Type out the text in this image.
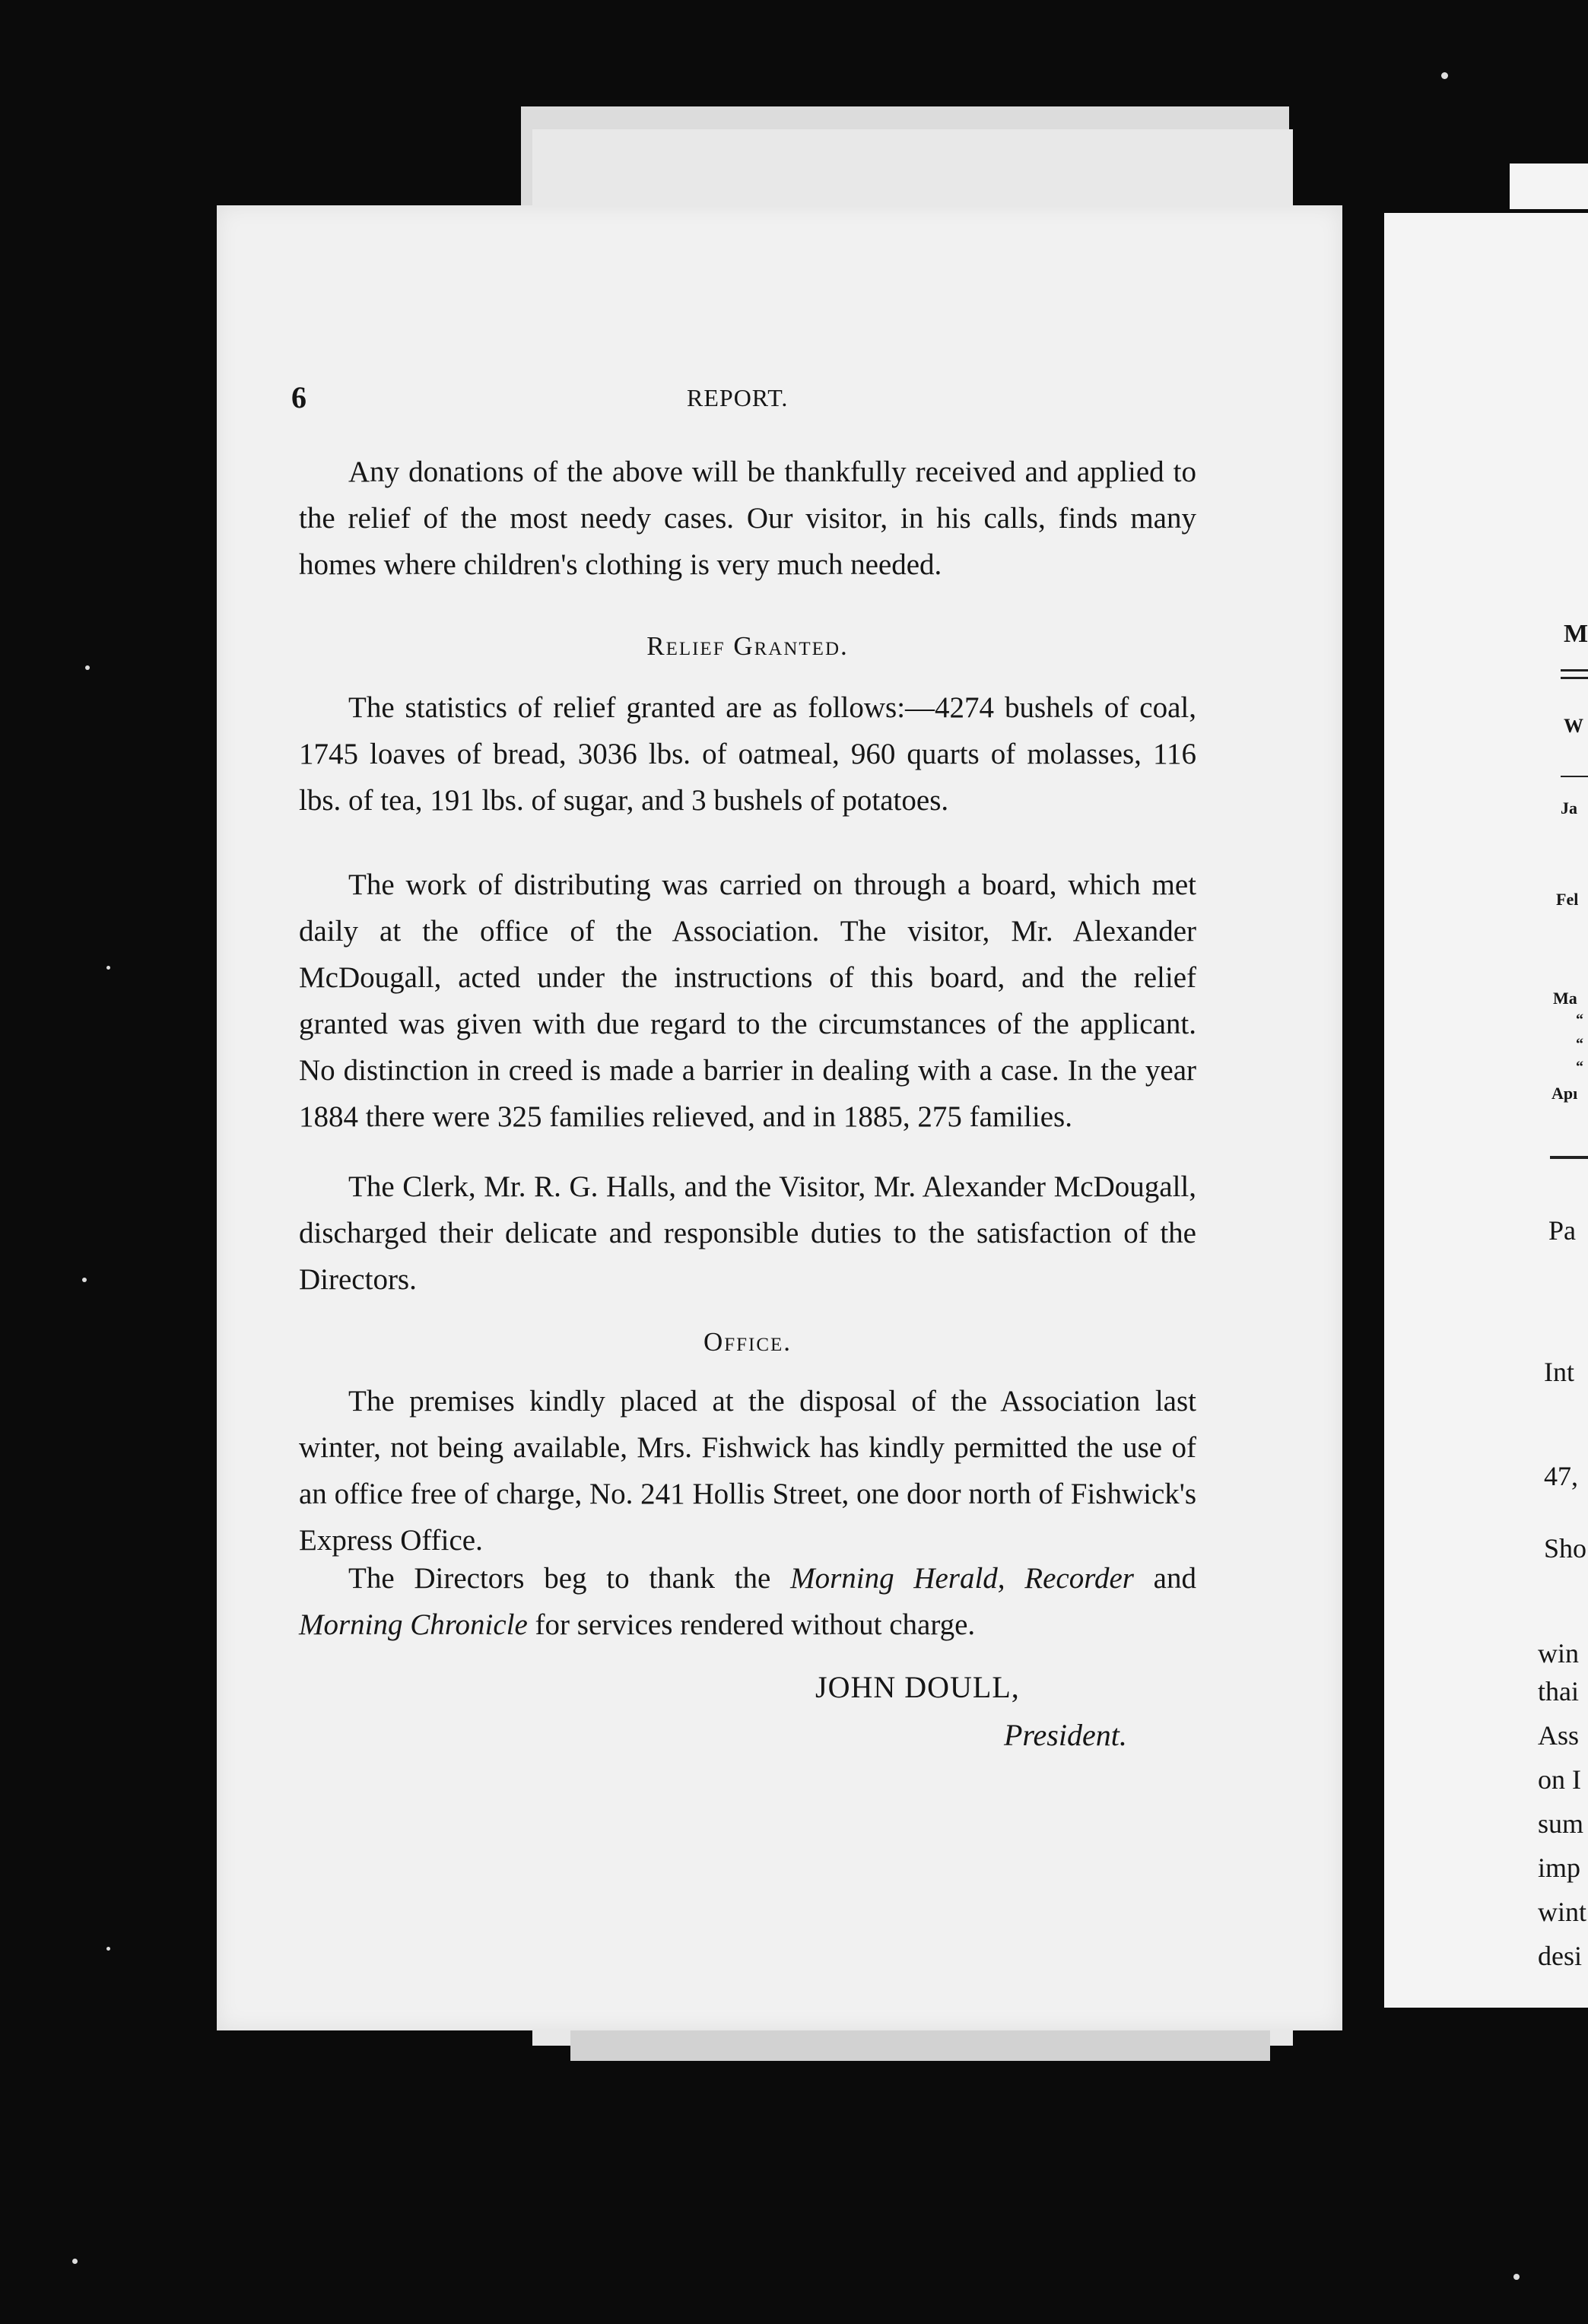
6	REPORT.

Any donations of the above will be thankfully received and applied to the relief of the most needy cases. Our visitor, in his calls, finds many homes where children's clothing is very much needed.

Relief Granted.

The statistics of relief granted are as follows:—4274 bushels of coal, 1745 loaves of bread, 3036 lbs. of oatmeal, 960 quarts of molasses, 116 lbs. of tea, 191 lbs. of sugar, and 3 bushels of potatoes.

The work of distributing was carried on through a board, which met daily at the office of the Association. The visitor, Mr. Alexander McDougall, acted under the instructions of this board, and the relief granted was given with due regard to the circumstances of the applicant. No distinction in creed is made a barrier in dealing with a case. In the year 1884 there were 325 families relieved, and in 1885, 275 families.

The Clerk, Mr. R. G. Halls, and the Visitor, Mr. Alexander McDougall, discharged their delicate and responsible duties to the satisfaction of the Directors.

Office.

The premises kindly placed at the disposal of the Association last winter, not being available, Mrs. Fishwick has kindly permitted the use of an office free of charge, No. 241 Hollis Street, one door north of Fishwick's Express Office.

The Directors beg to thank the Morning Herald, Recorder and Morning Chronicle for services rendered without charge.

JOHN DOULL,
President.
M
W
Ja
Fel
Ma
“
“
“
Apı
Pa
Int
47,
Sho
win
thai
Ass
on I
sum
imp
wint
desi
